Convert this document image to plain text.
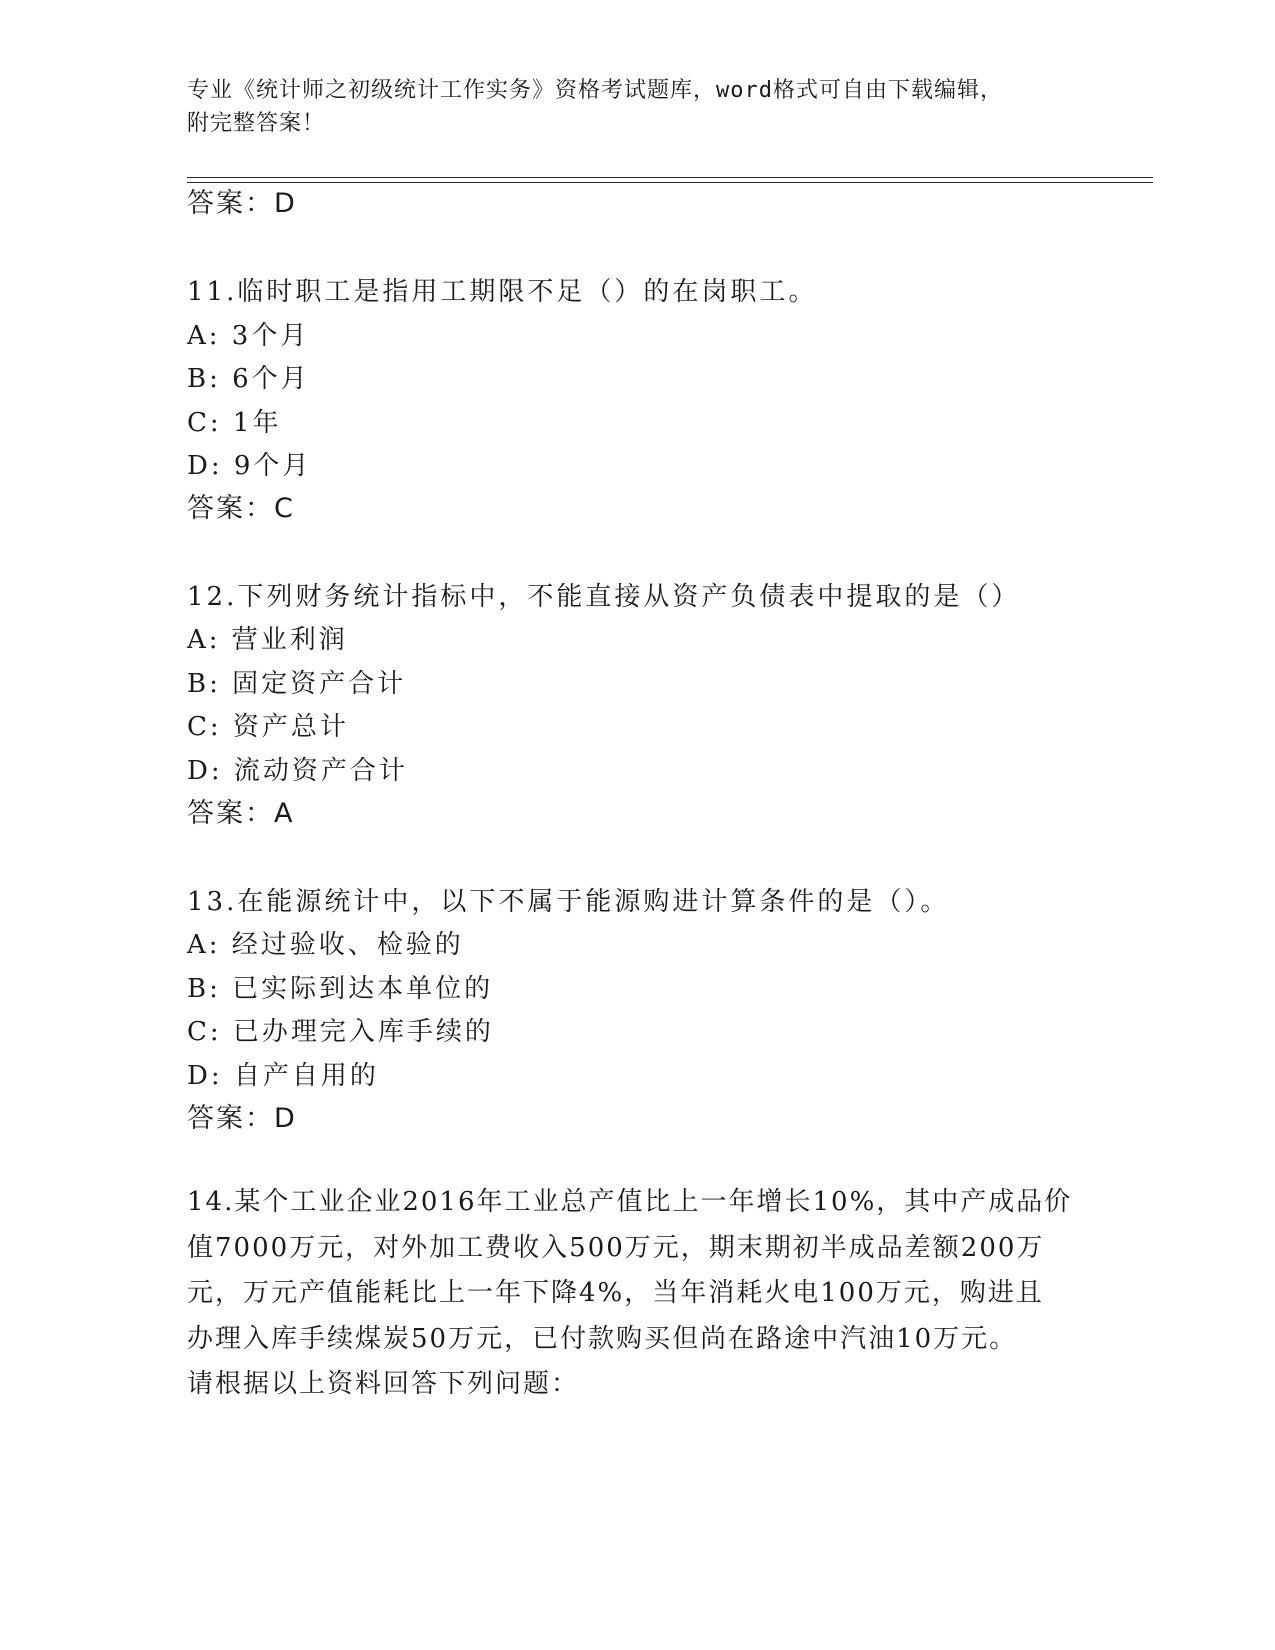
专业《统计师之初级统计工作实务》资格考试题库，word格式可自由下载编辑，
附完整答案！
答案：D
11.临时职工是指用工期限不足（）的在岗职工。
A: 3个月
B: 6个月
C: 1年
D: 9个月
答案：C
12.下列财务统计指标中，不能直接从资产负债表中提取的是（）
A: 营业利润
B: 固定资产合计
C: 资产总计
D: 流动资产合计
答案：A
13.在能源统计中，以下不属于能源购进计算条件的是（）。
A: 经过验收、检验的
B: 已实际到达本单位的
C: 已办理完入库手续的
D: 自产自用的
答案：D
14.某个工业企业2016年工业总产值比上一年增长10%，其中产成品价
值7000万元，对外加工费收入500万元，期末期初半成品差额200万
元，万元产值能耗比上一年下降4%，当年消耗火电100万元，购进且
办理入库手续煤炭50万元，已付款购买但尚在路途中汽油10万元。
请根据以上资料回答下列问题：
